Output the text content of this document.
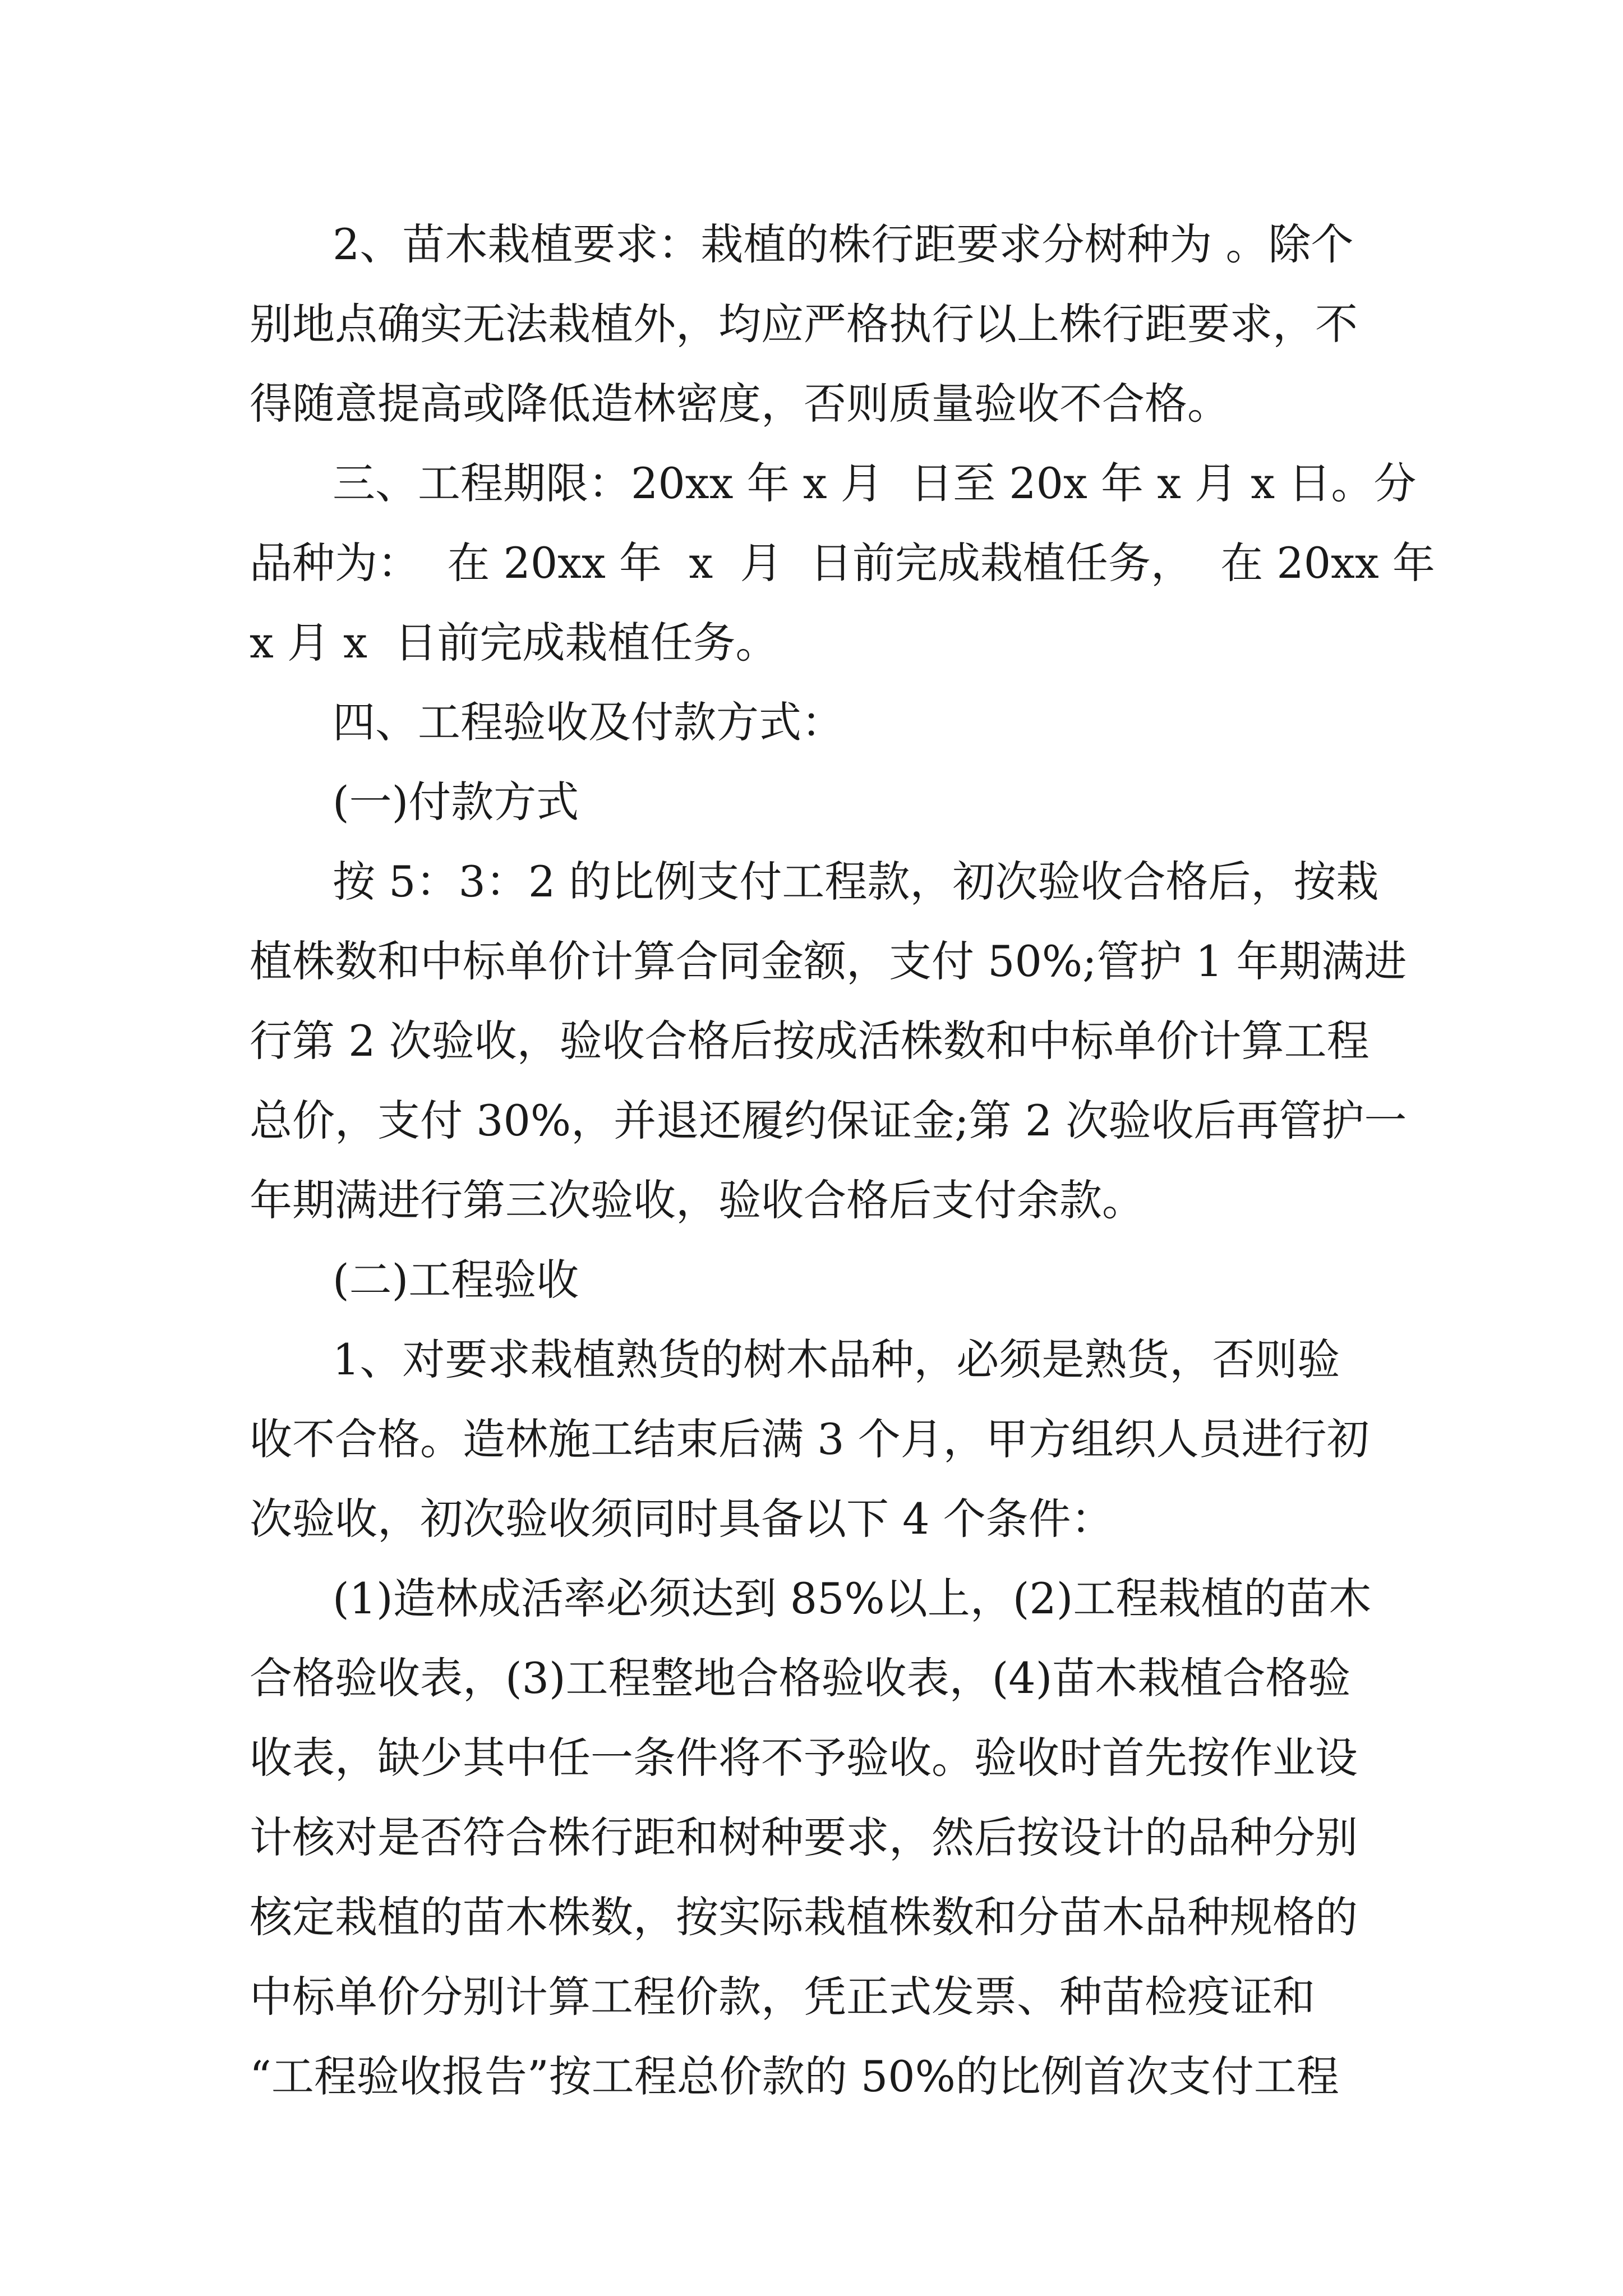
2、苗木栽植要求：栽植的株行距要求分树种为 。除个
别地点确实无法栽植外，均应严格执行以上株行距要求，不
得随意提高或降低造林密度，否则质量验收不合格。
三、工程期限：20xx 年 x 月  日至 20x 年 x 月 x 日。分
品种为：  在 20xx 年  x  月  日前完成栽植任务，  在 20xx 年
x 月 x  日前完成栽植任务。
四、工程验收及付款方式：
(一)付款方式
按 5：3：2 的比例支付工程款，初次验收合格后，按栽
植株数和中标单价计算合同金额，支付 50%;管护 1 年期满进
行第 2 次验收，验收合格后按成活株数和中标单价计算工程
总价，支付 30%，并退还履约保证金;第 2 次验收后再管护一
年期满进行第三次验收，验收合格后支付余款。
(二)工程验收
1、对要求栽植熟货的树木品种，必须是熟货，否则验
收不合格。造林施工结束后满 3 个月，甲方组织人员进行初
次验收，初次验收须同时具备以下 4 个条件：
(1)造林成活率必须达到 85%以上，(2)工程栽植的苗木
合格验收表，(3)工程整地合格验收表，(4)苗木栽植合格验
收表，缺少其中任一条件将不予验收。验收时首先按作业设
计核对是否符合株行距和树种要求，然后按设计的品种分别
核定栽植的苗木株数，按实际栽植株数和分苗木品种规格的
中标单价分别计算工程价款，凭正式发票、种苗检疫证和
“工程验收报告”按工程总价款的 50%的比例首次支付工程
